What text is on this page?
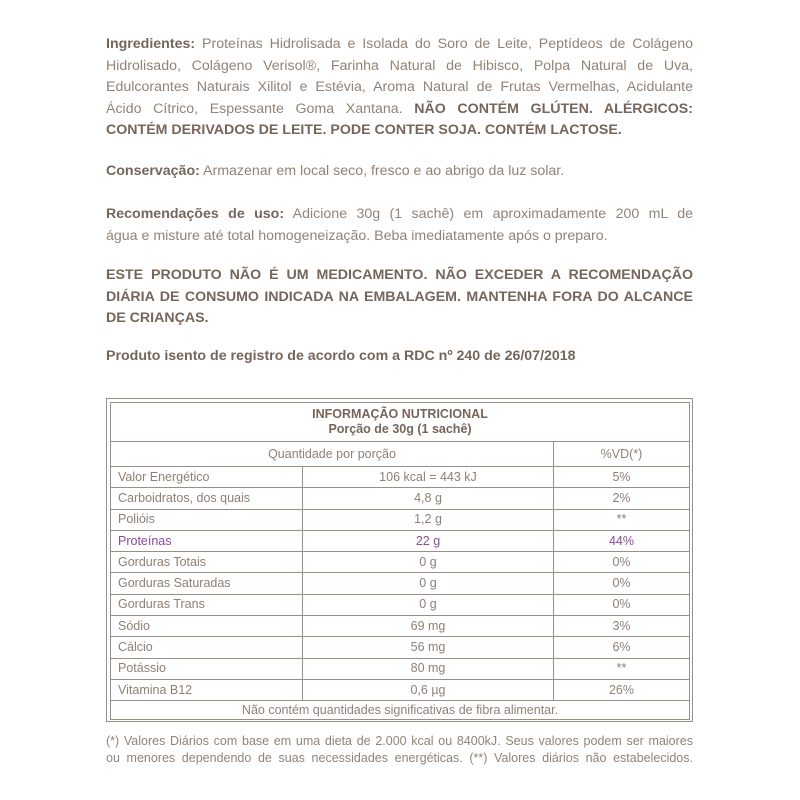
Ingredientes: Proteínas Hidrolisada e Isolada do Soro de Leite, Peptídeos de Colágeno
Hidrolisado, Colágeno Verisol®, Farinha Natural de Hibisco, Polpa Natural de Uva,
Edulcorantes Naturais Xilitol e Estévia, Aroma Natural de Frutas Vermelhas, Acidulante
Ácido Cítrico, Espessante Goma Xantana. NÃO CONTÉM GLÚTEN. ALÉRGICOS:
CONTÉM DERIVADOS DE LEITE. PODE CONTER SOJA. CONTÉM LACTOSE.
Conservação: Armazenar em local seco, fresco e ao abrigo da luz solar.
Recomendações de uso: Adicione 30g (1 sachê) em aproximadamente 200 mL de
água e misture até total homogeneização. Beba imediatamente após o preparo.
ESTE PRODUTO NÃO É UM MEDICAMENTO. NÃO EXCEDER A RECOMENDAÇÃO
DIÁRIA DE CONSUMO INDICADA NA EMBALAGEM. MANTENHA FORA DO ALCANCE
DE CRIANÇAS.
Produto isento de registro de acordo com a RDC nº 240 de 26/07/2018
INFORMAÇÃO NUTRICIONAL
Porção de 30g (1 sachê)		

Quantidade por porção		%VD(*)
Valor Energético	106 kcal = 443 kJ	5%
Carboidratos, dos quais	4,8 g	2%
Polióis	1,2 g	**
Proteínas	22 g	44%
Gorduras Totais	0 g	0%
Gorduras Saturadas	0 g	0%
Gorduras Trans	0 g	0%
Sódio	69 mg	3%
Cálcio	56 mg	6%
Potássio	80 mg	**
Vitamina B12	0,6 µg	26%
Não contém quantidades significativas de fibra alimentar.		
(*) Valores Diários com base em uma dieta de 2.000 kcal ou 8400kJ. Seus valores podem ser maiores
ou menores dependendo de suas necessidades energéticas. (**) Valores diários não estabelecidos.
